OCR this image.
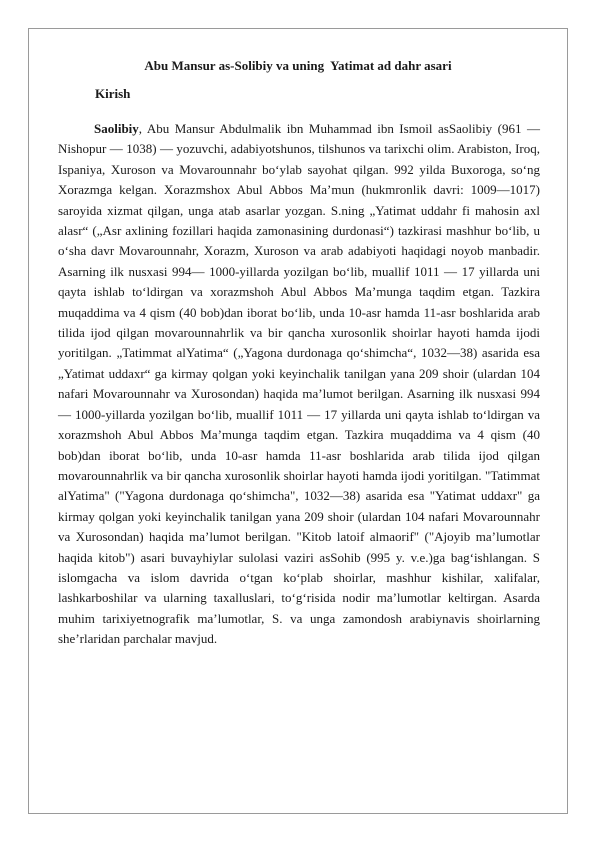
Abu Mansur as-Solibiy va uning  Yatimat ad dahr asari
Kirish

Saolibiy, Abu Mansur Abdulmalik ibn Muhammad ibn Ismoil asSaolibiy (961 — Nishopur — 1038) — yozuvchi, adabiyotshunos, tilshunos va tarixchi olim. Arabiston, Iroq, Ispaniya, Xuroson va Movarounnahr bo‘ylab sayohat qilgan. 992 yilda Buxoroga, so‘ng Xorazmga kelgan. Xorazmshox Abul Abbos Ma’mun (hukmronlik davri: 1009—1017) saroyida xizmat qilgan, unga atab asarlar yozgan. S.ning „Yatimat uddahr fi mahosin axl alasr“ („Asr axlining fozillari haqida zamonasining durdonasi“) tazkirasi mashhur bo‘lib, u o‘sha davr Movarounnahr, Xorazm, Xuroson va arab adabiyoti haqidagi noyob manbadir. Asarning ilk nusxasi 994— 1000-yillarda yozilgan bo‘lib, muallif 1011 — 17 yillarda uni qayta ishlab to‘ldirgan va xorazmshoh Abul Abbos Ma’munga taqdim etgan. Tazkira muqaddima va 4 qism (40 bob)dan iborat bo‘lib, unda 10-asr hamda 11-asr boshlarida arab tilida ijod qilgan movarounnahrlik va bir qancha xurosonlik shoirlar hayoti hamda ijodi yoritilgan. „Tatimmat alYatima“ („Yagona durdonaga qo‘shimcha“, 1032—38) asarida esa „Yatimat uddaxr“ ga kirmay qolgan yoki keyinchalik tanilgan yana 209 shoir (ulardan 104 nafari Movarounnahr va Xurosondan) haqida ma’lumot berilgan. Asarning ilk nusxasi 994— 1000-yillarda yozilgan bo‘lib, muallif 1011 — 17 yillarda uni qayta ishlab to‘ldirgan va xorazmshoh Abul Abbos Ma’munga taqdim etgan. Tazkira muqaddima va 4 qism (40 bob)dan iborat bo‘lib, unda 10-asr hamda 11-asr boshlarida arab tilida ijod qilgan movarounnahrlik va bir qancha xurosonlik shoirlar hayoti hamda ijodi yoritilgan. "Tatimmat alYatima" ("Yagona durdonaga qo‘shimcha", 1032—38) asarida esa "Yatimat uddaxr" ga kirmay qolgan yoki keyinchalik tanilgan yana 209 shoir (ulardan 104 nafari Movarounnahr va Xurosondan) haqida ma’lumot berilgan. "Kitob latoif almaorif" ("Ajoyib ma’lumotlar haqida kitob") asari buvayhiylar sulolasi vaziri asSohib (995 y. v.e.)ga bag‘ishlangan. S islomgacha va islom davrida o‘tgan ko‘plab shoirlar, mashhur kishilar, xalifalar, lashkarboshilar va ularning taxalluslari, to‘g‘risida nodir ma’lumotlar keltirgan. Asarda muhim tarixiyetnografik ma’lumotlar, S. va unga zamondosh arabiynavis shoirlarning she’rlaridan parchalar mavjud.
